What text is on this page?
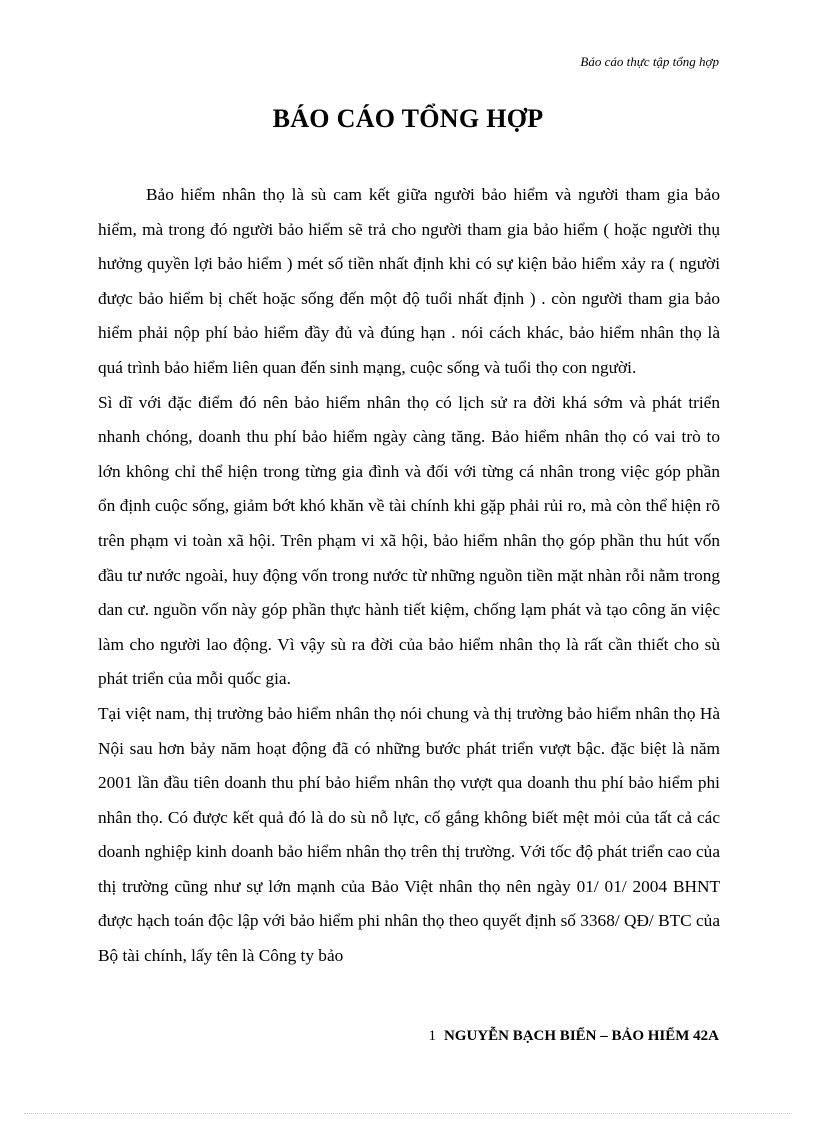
Báo cáo thực tập tổng hợp
BÁO CÁO TỔNG HỢP

Bảo hiểm nhân thọ là sù cam kết giữa người bảo hiểm và người tham gia bảo hiểm, mà trong đó người bảo hiểm sẽ trả cho người tham gia bảo hiểm ( hoặc người thụ hưởng quyền lợi bảo hiểm ) mét số tiền nhất định khi có sự kiện bảo hiểm xảy ra ( người được bảo hiểm bị chết hoặc sống đến một độ tuổi nhất định ) . còn người tham gia bảo hiểm phải nộp phí bảo hiểm đầy đủ và đúng hạn . nói cách khác, bảo hiểm nhân thọ là quá trình bảo hiểm liên quan đến sinh mạng, cuộc sống và tuổi thọ con người.

Sì dĩ với đặc điểm đó nên bảo hiểm nhân thọ có lịch sử ra đời khá sớm và phát triển nhanh chóng, doanh thu phí bảo hiểm ngày càng tăng. Bảo hiểm nhân thọ có vai trò to lớn không chỉ thể hiện trong từng gia đình và đối với từng cá nhân trong việc góp phần ổn định cuộc sống, giảm bớt khó khăn về tài chính khi gặp phải rủi ro, mà còn thể hiện rõ trên phạm vi toàn xã hội. Trên phạm vi xã hội, bảo hiểm nhân thọ góp phần thu hút vốn đầu tư nước ngoài, huy động vốn trong nước từ những nguồn tiền mặt nhàn rỗi nằm trong dan cư. nguồn vốn này góp phần thực hành tiết kiệm, chống lạm phát và tạo công ăn việc làm cho người lao động. Vì vậy sù ra đời của bảo hiểm nhân thọ là rất cần thiết cho sù phát triển của mỗi quốc gia.

Tại việt nam, thị trường bảo hiểm nhân thọ nói chung và thị trường bảo hiểm nhân thọ Hà Nội sau hơn bảy năm hoạt động đã có những bước phát triển vượt bậc. đặc biệt là năm 2001 lần đầu tiên doanh thu phí bảo hiểm nhân thọ vượt qua doanh thu phí bảo hiểm phi nhân thọ. Có được kết quả đó là do sù nỗ lực, cố gắng không biết mệt mỏi của tất cả các doanh nghiệp kinh doanh bảo hiểm nhân thọ trên thị trường. Với tốc độ phát triển cao của thị trường cũng như sự lớn mạnh của Bảo Việt nhân thọ nên ngày 01/ 01/ 2004 BHNT được hạch toán độc lập với bảo hiểm phi nhân thọ theo quyết định số 3368/ QĐ/ BTC của Bộ tài chính, lấy tên là Công ty bảo

1 NGUYỄN BẠCH BIỂN – BẢO HIỂM 42A
